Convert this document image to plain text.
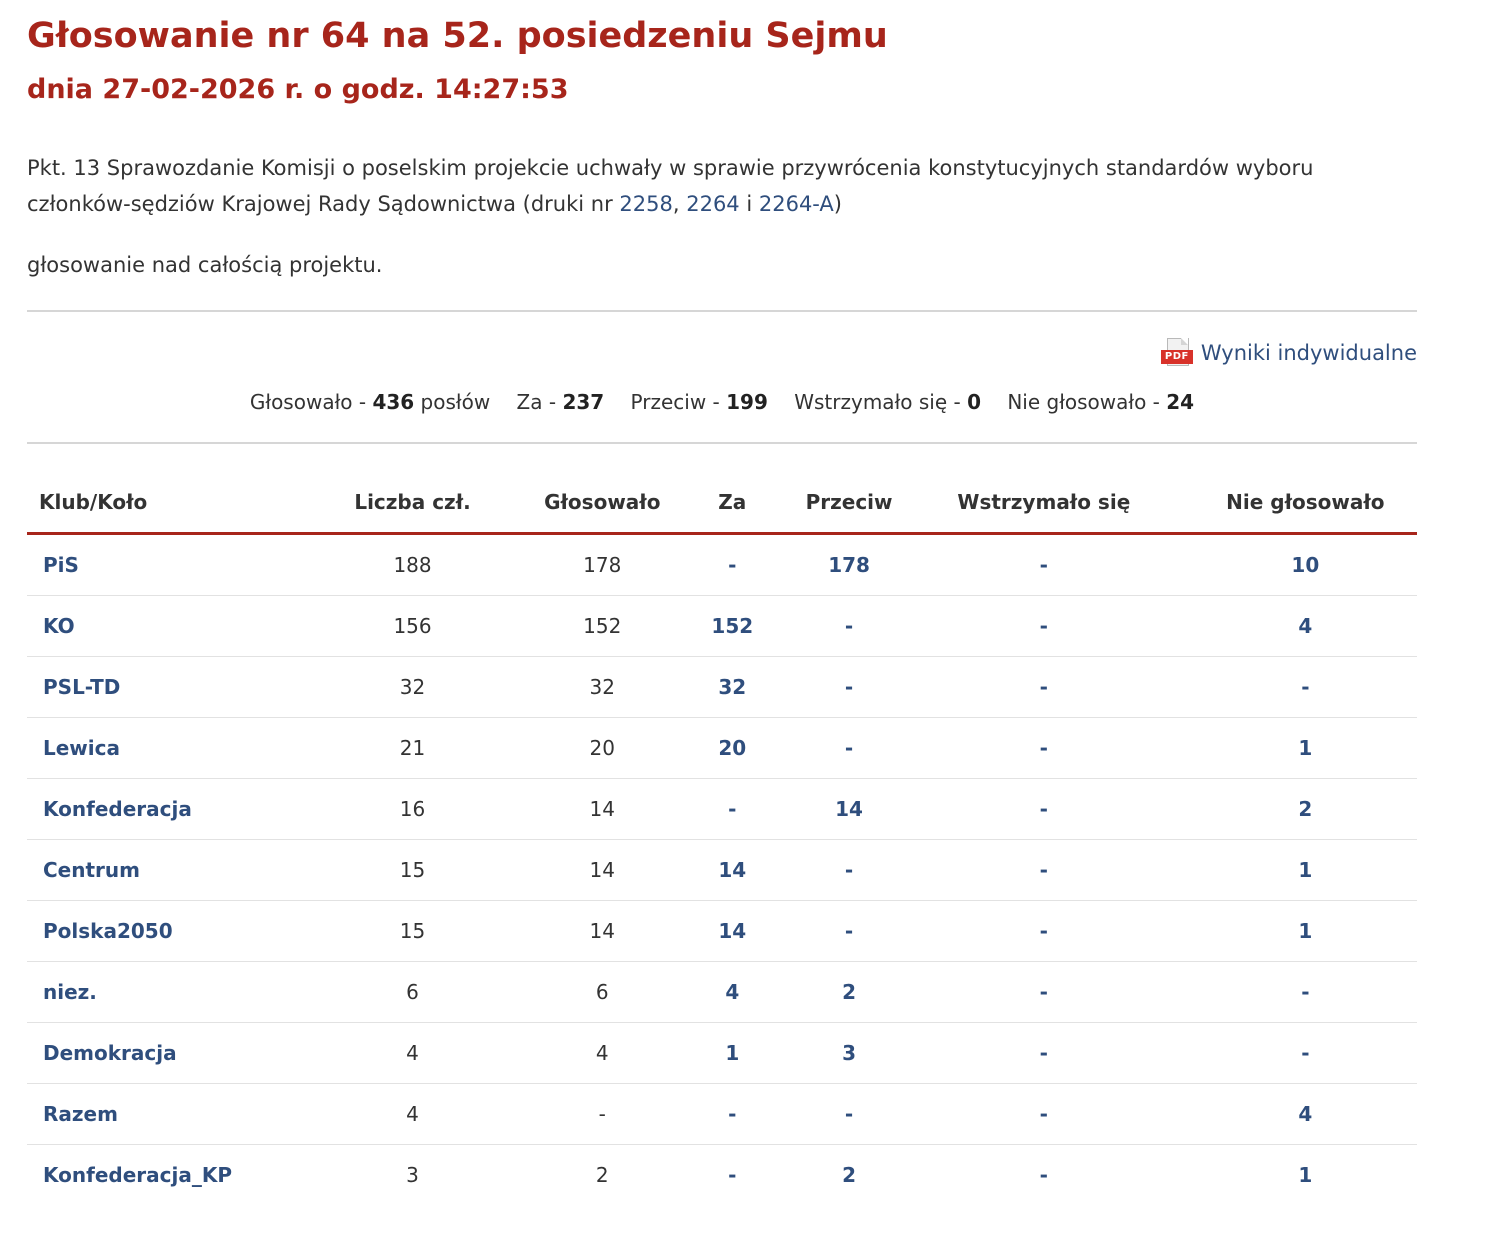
Głosowanie nr 64 na 52. posiedzeniu Sejmu
dnia 27-02-2026 r. o godz. 14:27:53
Pkt. 13 Sprawozdanie Komisji o poselskim projekcie uchwały w sprawie przywrócenia konstytucyjnych standardów wyboru członków-sędziów Krajowej Rady Sądownictwa (druki nr 2258, 2264 i 2264-A)
głosowanie nad całością projektu.
PDF Wyniki indywidualne
Głosowało - 436 posłów Za - 237 Przeciw - 199 Wstrzymało się - 0 Nie głosowało - 24
Klub/Koło	Liczba czł.	Głosowało	Za	Przeciw	Wstrzymało się	Nie głosowało
PiS	188	178	-	178	-	10
KO	156	152	152	-	-	4
PSL-TD	32	32	32	-	-	-
Lewica	21	20	20	-	-	1
Konfederacja	16	14	-	14	-	2
Centrum	15	14	14	-	-	1
Polska2050	15	14	14	-	-	1
niez.	6	6	4	2	-	-
Demokracja	4	4	1	3	-	-
Razem	4	-	-	-	-	4
Konfederacja_KP	3	2	-	2	-	1
